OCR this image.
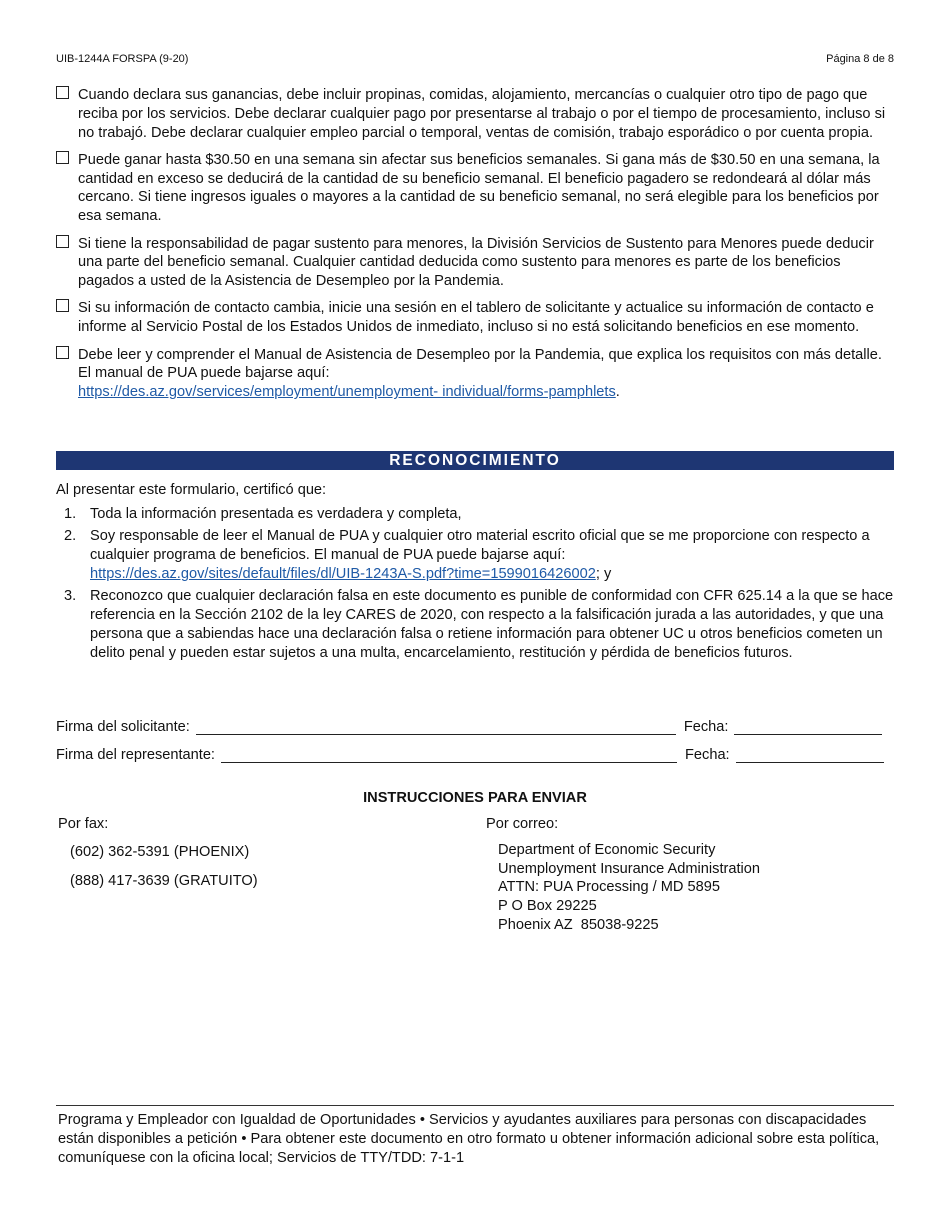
UIB-1244A FORSPA (9-20)	Página 8 de 8
Cuando declara sus ganancias, debe incluir propinas, comidas, alojamiento, mercancías o cualquier otro tipo de pago que reciba por los servicios. Debe declarar cualquier pago por presentarse al trabajo o por el tiempo de procesamiento, incluso si no trabajó. Debe declarar cualquier empleo parcial o temporal, ventas de comisión, trabajo esporádico o por cuenta propia.
Puede ganar hasta $30.50 en una semana sin afectar sus beneficios semanales. Si gana más de $30.50 en una semana, la cantidad en exceso se deducirá de la cantidad de su beneficio semanal. El beneficio pagadero se redondeará al dólar más cercano. Si tiene ingresos iguales o mayores a la cantidad de su beneficio semanal, no será elegible para los beneficios por esa semana.
Si tiene la responsabilidad de pagar sustento para menores, la División Servicios de Sustento para Menores puede deducir una parte del beneficio semanal. Cualquier cantidad deducida como sustento para menores es parte de los beneficios pagados a usted de la Asistencia de Desempleo por la Pandemia.
Si su información de contacto cambia, inicie una sesión en el tablero de solicitante y actualice su información de contacto e informe al Servicio Postal de los Estados Unidos de inmediato, incluso si no está solicitando beneficios en ese momento.
Debe leer y comprender el Manual de Asistencia de Desempleo por la Pandemia, que explica los requisitos con más detalle. El manual de PUA puede bajarse aquí:
https://des.az.gov/services/employment/unemployment- individual/forms-pamphlets.
RECONOCIMIENTO
Al presentar este formulario, certificó que:
1. Toda la información presentada es verdadera y completa,
2. Soy responsable de leer el Manual de PUA y cualquier otro material escrito oficial que se me proporcione con respecto a cualquier programa de beneficios. El manual de PUA puede bajarse aquí:
https://des.az.gov/sites/default/files/dl/UIB-1243A-S.pdf?time=1599016426002; y
3. Reconozco que cualquier declaración falsa en este documento es punible de conformidad con CFR 625.14 a la que se hace referencia en la Sección 2102 de la ley CARES de 2020, con respecto a la falsificación jurada a las autoridades, y que una persona que a sabiendas hace una declaración falsa o retiene información para obtener UC u otros beneficios cometen un delito penal y pueden estar sujetos a una multa, encarcelamiento, restitución y pérdida de beneficios futuros.
Firma del solicitante:	Fecha:
Firma del representante:	Fecha:
INSTRUCCIONES PARA ENVIAR
Por fax:
(602) 362-5391 (PHOENIX)
(888) 417-3639 (GRATUITO)
Por correo:
Department of Economic Security
Unemployment Insurance Administration
ATTN: PUA Processing / MD 5895
P O Box 29225
Phoenix AZ  85038-9225
Programa y Empleador con Igualdad de Oportunidades • Servicios y ayudantes auxiliares para personas con discapacidades están disponibles a petición • Para obtener este documento en otro formato u obtener información adicional sobre esta política, comuníquese con la oficina local; Servicios de TTY/TDD: 7-1-1
